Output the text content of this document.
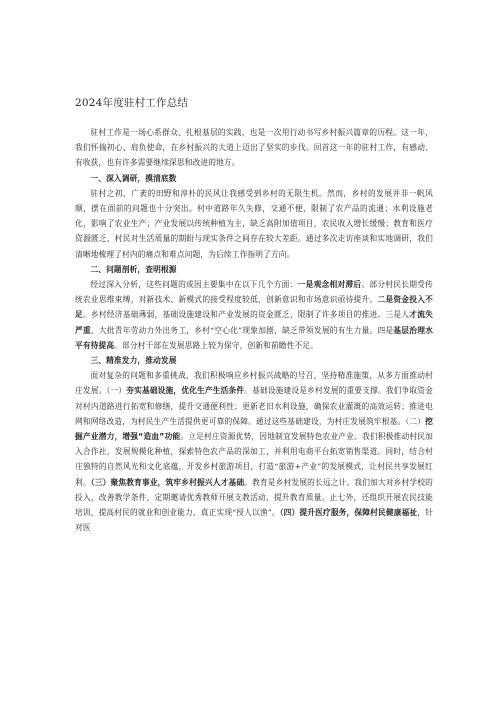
2024年度驻村工作总结

驻村工作是一场心系群众、扎根基层的实践，也是一次用行动书写乡村振兴篇章的历程。这一年，我们怀揣初心、肩负使命，在乡村振兴的大道上迈出了坚实的步伐。回首这一年的驻村工作，有感动、有收获，也有许多需要继续深思和改进的地方。

一、深入调研，摸清底数

驻村之初，广袤的田野和淳朴的民风让我感受到乡村的无限生机。然而，乡村的发展并非一帆风顺，摆在面前的问题也十分突出。村中道路年久失修，交通不便，限制了农产品的流通；水利设施老化，影响了农业生产；产业发展以传统种植为主，缺乏高附加值项目，农民收入增长缓慢；教育和医疗资源匮乏，村民对生活质量的期盼与现实条件之间存在较大差距。通过多次走访座谈和实地调研，我们清晰地梳理了村内的痛点和难点问题，为后续工作指明了方向。

二、问题剖析，查明根源

经过深入分析，这些问题的成因主要集中在以下几个方面：一是观念相对滞后。部分村民长期受传统农业思维束缚，对新技术、新模式的接受程度较低，创新意识和市场意识亟待提升。二是资金投入不足。乡村经济基础薄弱，基础设施建设和产业发展的资金匮乏，限制了许多项目的推进。三是人才流失严重，大批青年劳动力外出务工，乡村“空心化”现象加剧，缺乏带领发展的有生力量。四是基层治理水平有待提高。部分村干部在发展思路上较为保守，创新和前瞻性不足。

三、精准发力，推动发展

面对复杂的问题和多重挑战，我们积极响应乡村振兴战略的号召，坚持精准施策，从多方面推动村庄发展。（一）夯实基础设施，优化生产生活条件。基础设施建设是乡村发展的重要支撑。我们争取资金对村内道路进行拓宽和修缮，提升交通便利性；更新老旧水利设施，确保农业灌溉的高效运转；推进电网和网络改造，为村民生产生活提供更可靠的保障。通过这些基础建设，为村庄发展筑牢根基。（二）挖掘产业潜力，增强“造血”功能。立足村庄资源优势，因地制宜发展特色农业产业。我们积极推动村民加入合作社，发展规模化种植，探索特色农产品的深加工，并利用电商平台拓宽销售渠道。同时，结合村庄独特的自然风光和文化底蕴，开发乡村旅游项目，打造“旅游+产业”的发展模式，让村民共享发展红利。（三）聚焦教育事业，筑牢乡村振兴人才基础。教育是乡村发展的长远之计。我们加大对乡村学校的投入，改善教学条件，定期邀请优秀教师开展支教活动，提升教育质量。止七外，还组织开展农民技能培训，提高村民的就业和创业能力，真正实现“授人以渔”。（四）提升医疗服务，保障村民健康福祉，针对医
